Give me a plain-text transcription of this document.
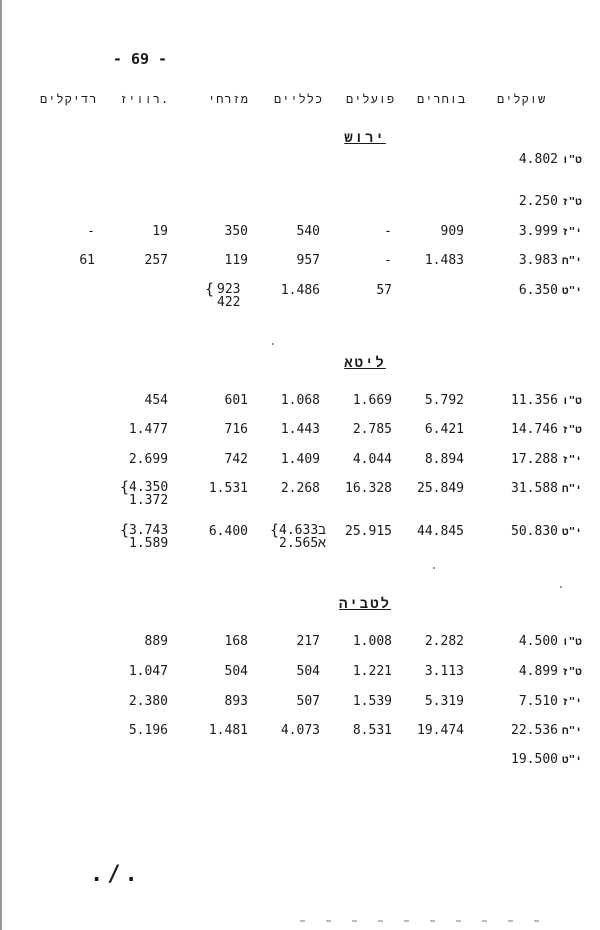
- 69 -
שוקלים
בוחרים
פועלים
כלליים
מזרחי
רוויז.
רדיקלים
ירוש
ליטא
לטביה
ט"ו
4.802
ט"ז
2.250
י"ז
3.999
909
-
540
350
19
-
י"ח
3.983
1.483
-
957
119
257
61
י"ט
6.350
57
1.486
ט"ו
11.356
5.792
1.669
1.068
601
454
ט"ז
14.746
6.421
2.785
1.443
716
1.477
י"ז
17.288
8.894
4.044
1.409
742
2.699
י"ח
31.588
25.849
16.328
2.268
1.531
י"ט
50.830
44.845
25.915
6.400
ט"ו
4.500
2.282
1.008
217
168
889
ט"ז
4.899
3.113
1.221
504
504
1.047
י"ז
7.510
5.319
1.539
507
893
2.380
י"ח
22.536
19.474
8.531
4.073
1.481
5.196
י"ט
19.500
{ 923
422
{4.350
1.372
{3.743
1.589
{4.633ב
2.565א
./.
